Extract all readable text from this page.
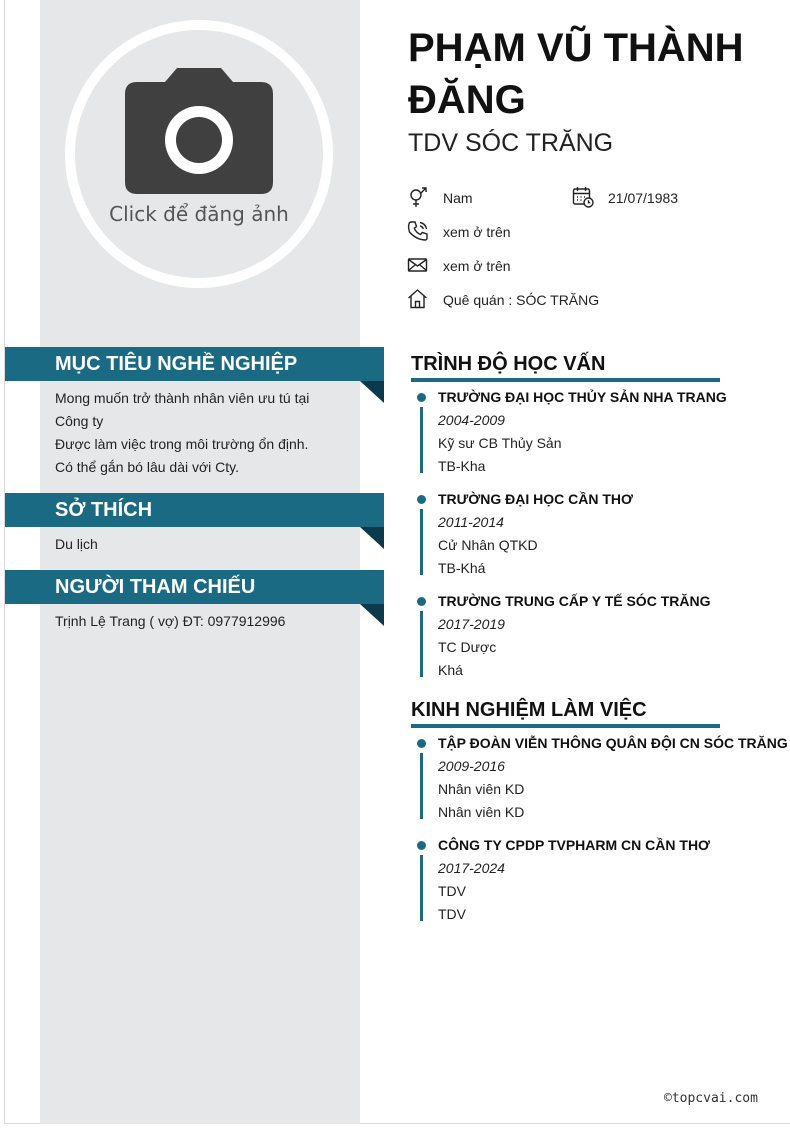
Click để đăng ảnh
MỤC TIÊU NGHỀ NGHIỆP
Mong muốn trở thành nhân viên ưu tú tại
Công ty
Được làm việc trong môi trường ổn định.
Có thể gắn bó lâu dài với Cty.
SỞ THÍCH
Du lịch
NGƯỜI THAM CHIẾU
Trịnh Lệ Trang ( vợ) ĐT: 0977912996
PHẠM VŨ THÀNH ĐĂNG
TDV SÓC TRĂNG
Nam	21/07/1983
xem ở trên
xem ở trên
Quê quán : SÓC TRĂNG
TRÌNH ĐỘ HỌC VẤN
TRƯỜNG ĐẠI HỌC THỦY SẢN NHA TRANG
2004-2009
Kỹ sư CB Thủy Sản
TB-Kha
TRƯỜNG ĐẠI HỌC CẦN THƠ
2011-2014
Cử Nhân QTKD
TB-Khá
TRƯỜNG TRUNG CẤP Y TẾ SÓC TRĂNG
2017-2019
TC Dược
Khá
KINH NGHIỆM LÀM VIỆC
TẬP ĐOÀN VIỄN THÔNG QUÂN ĐỘI CN SÓC TRĂNG
2009-2016
Nhân viên KD
Nhân viên KD
CÔNG TY CPDP TVPHARM CN CẦN THƠ
2017-2024
TDV
TDV
©topcvai.com
